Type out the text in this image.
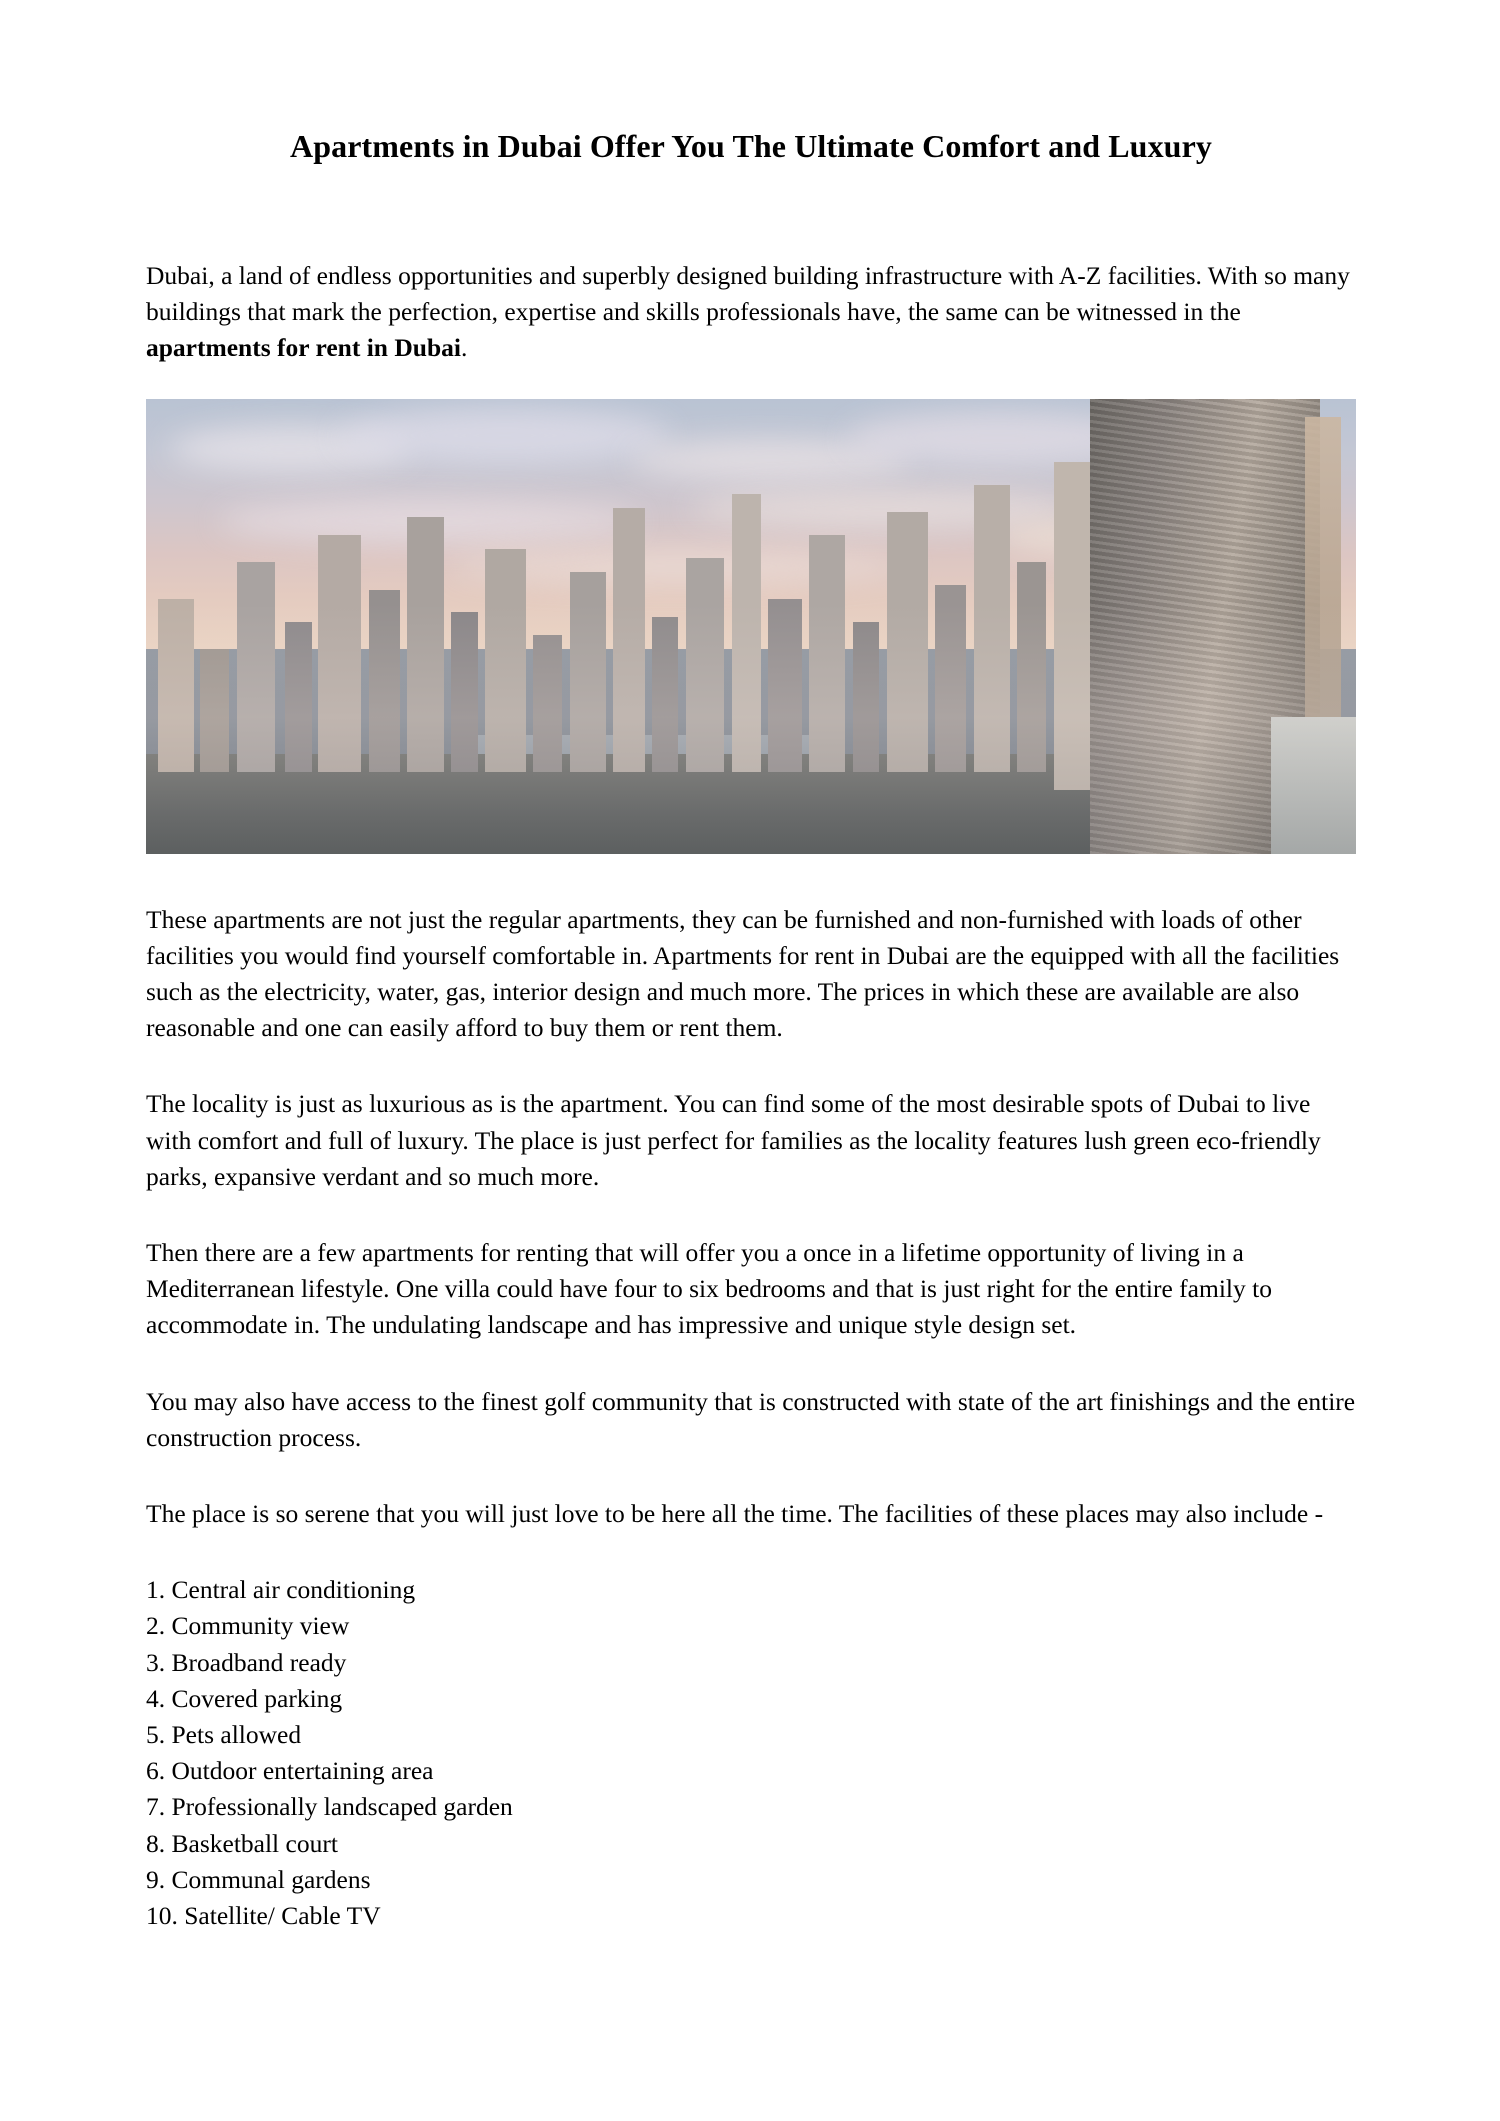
Apartments in Dubai Offer You The Ultimate Comfort and Luxury

Dubai, a land of endless opportunities and superbly designed building infrastructure with A-Z facilities. With so many buildings that mark the perfection, expertise and skills professionals have, the same can be witnessed in the apartments for rent in Dubai.

These apartments are not just the regular apartments, they can be furnished and non-furnished with loads of other facilities you would find yourself comfortable in. Apartments for rent in Dubai are the equipped with all the facilities such as the electricity, water, gas, interior design and much more. The prices in which these are available are also reasonable and one can easily afford to buy them or rent them.

The locality is just as luxurious as is the apartment. You can find some of the most desirable spots of Dubai to live with comfort and full of luxury. The place is just perfect for families as the locality features lush green eco-friendly parks, expansive verdant and so much more.

Then there are a few apartments for renting that will offer you a once in a lifetime opportunity of living in a Mediterranean lifestyle. One villa could have four to six bedrooms and that is just right for the entire family to accommodate in. The undulating landscape and has impressive and unique style design set.

You may also have access to the finest golf community that is constructed with state of the art finishings and the entire construction process.

The place is so serene that you will just love to be here all the time. The facilities of these places may also include -

1. Central air conditioning

2. Community view

3. Broadband ready

4. Covered parking

5. Pets allowed

6. Outdoor entertaining area

7. Professionally landscaped garden

8. Basketball court

9. Communal gardens

10. Satellite/ Cable TV
